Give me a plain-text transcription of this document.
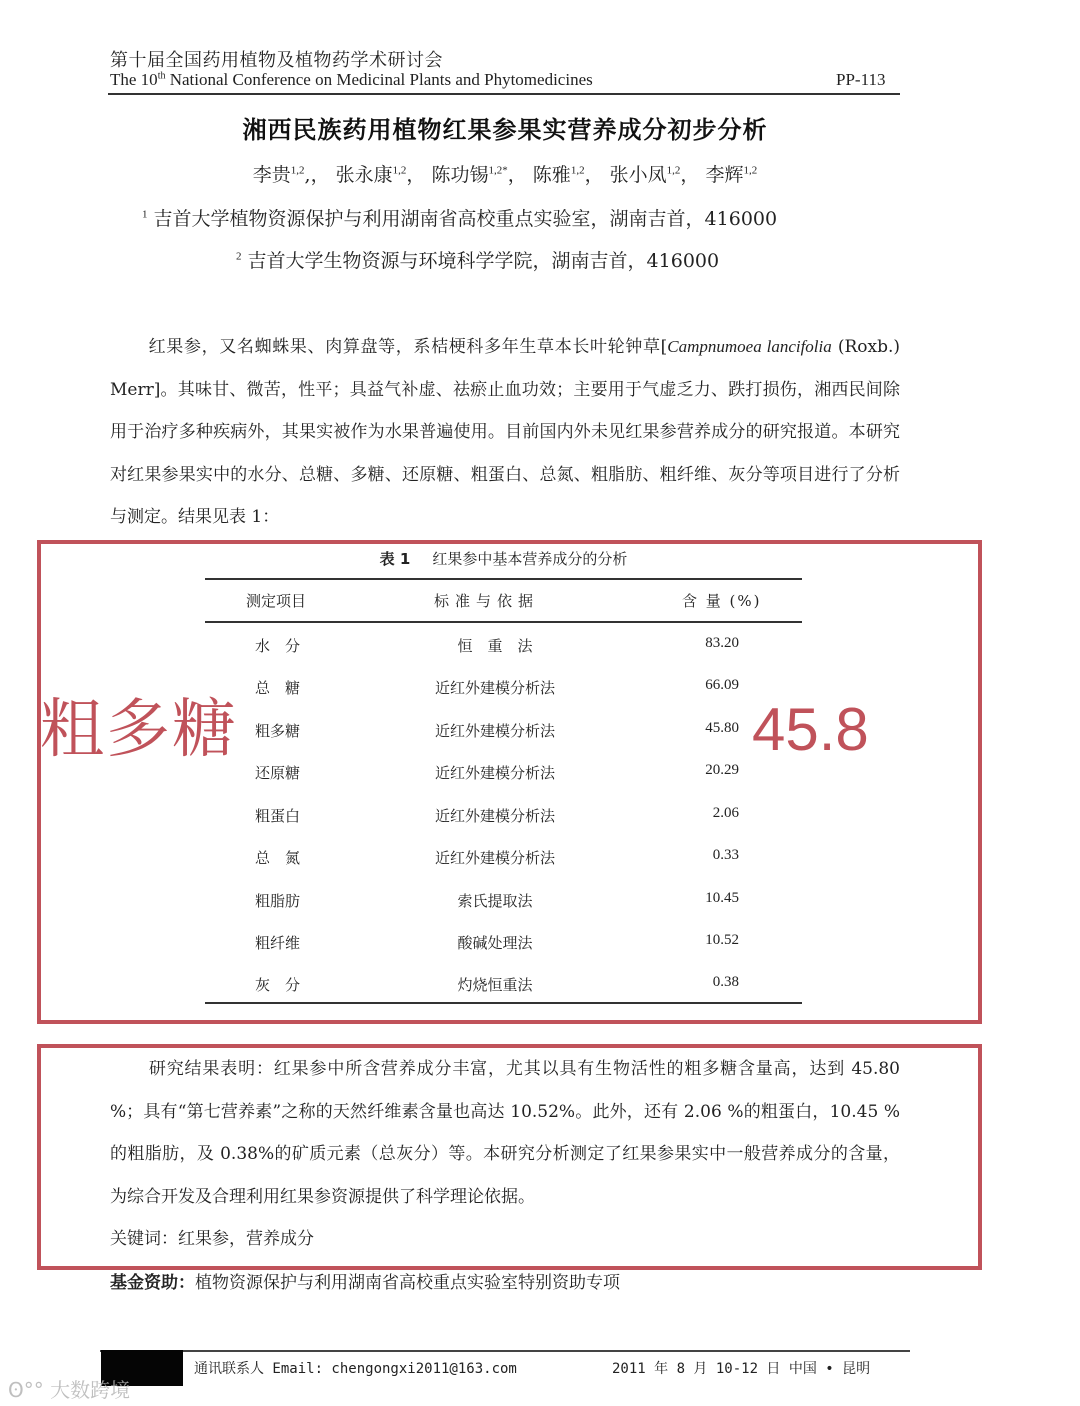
第十届全国药用植物及植物药学术研讨会
The 10th National Conference on Medicinal Plants and Phytomedicines	PP-113
湘西民族药用植物红果参果实营养成分初步分析
李贵$^{1,2}$,， 张永康$^{1,2}$， 陈功锡$^{1,2*}$， 陈雅$^{1,2}$， 张小凤$^{1,2}$， 李辉$^{1,2}$
$^1$ 吉首大学植物资源保护与利用湖南省高校重点实验室，湖南吉首，416000
$^2$ 吉首大学生物资源与环境科学学院，湖南吉首，416000
红果参，又名蜘蛛果、肉算盘等，系桔梗科多年生草本长叶轮钟草[Campnumoea lancifolia (Roxb.) Merr]。其味甘、微苦，性平；具益气补虚、祛瘀止血功效；主要用于气虚乏力、跌打损伤，湘西民间除用于治疗多种疾病外，其果实被作为水果普遍使用。目前国内外未见红果参营养成分的研究报道。本研究对红果参果实中的水分、总糖、多糖、还原糖、粗蛋白、总氮、粗脂肪、粗纤维、灰分等项目进行了分析与测定。结果见表 1：
粗多糖	45.8
表 1 红果参中基本营养成分的分析
测定项目	标准与依据	含 量 (%)
水　分	恒　重　法	83.20
总　糖	近红外建模分析法	66.09
粗多糖	近红外建模分析法	45.80
还原糖	近红外建模分析法	20.29
粗蛋白	近红外建模分析法	2.06
总　氮	近红外建模分析法	0.33
粗脂肪	索氏提取法	10.45
粗纤维	酸碱处理法	10.52
灰　分	灼烧恒重法	0.38
研究结果表明：红果参中所含营养成分丰富，尤其以具有生物活性的粗多糖含量高，达到 45.80 %；具有“第七营养素”之称的天然纤维素含量也高达 10.52%。此外，还有 2.06 %的粗蛋白，10.45 %的粗脂肪，及 0.38%的矿质元素（总灰分）等。本研究分析测定了红果参果实中一般营养成分的含量，为综合开发及合理利用红果参资源提供了科学理论依据。
关键词：红果参，营养成分
基金资助：植物资源保护与利用湖南省高校重点实验室特别资助专项
通讯联系人 Email: chengongxi2011@163.com	2011 年 8 月 10-12 日 中国 • 昆明
ʘ°° 大数跨境
